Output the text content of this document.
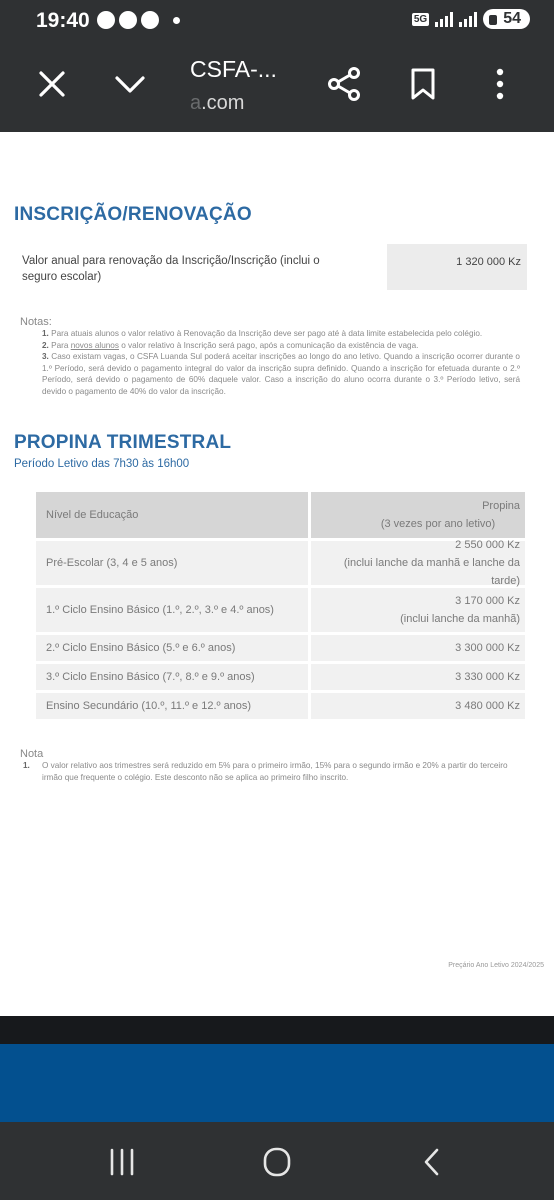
19:40	5G	54
CSFA-...
a.com
INSCRIÇÃO/RENOVAÇÃO

Valor anual para renovação da Inscrição/Inscrição (inclui o seguro escolar)

1 320 000 Kz
Notas:

1. Para atuais alunos o valor relativo à Renovação da Inscrição deve ser pago até à data limite estabelecida pelo colégio.

2. Para novos alunos o valor relativo à Inscrição será pago, após a comunicação da existência de vaga.

3. Caso existam vagas, o CSFA Luanda Sul poderá aceitar inscrições ao longo do ano letivo. Quando a inscrição ocorrer durante o 1.º Período, será devido o pagamento integral do valor da inscrição supra definido. Quando a inscrição for efetuada durante o 2.º Período, será devido o pagamento de 60% daquele valor. Caso a inscrição do aluno ocorra durante o 3.º Período letivo, será devido o pagamento de 40% do valor da inscrição.

PROPINA TRIMESTRAL

Período Letivo das 7h30 às 16h00

Nível de Educação
Propina
(3 vezes por ano letivo)
Pré-Escolar (3, 4 e 5 anos)
2 550 000 Kz
(inclui lanche da manhã e lanche da tarde)
1.º Ciclo Ensino Básico (1.º, 2.º, 3.º e 4.º anos)
3 170 000 Kz
(inclui lanche da manhã)
2.º Ciclo Ensino Básico (5.º e 6.º anos)	3 300 000 Kz
3.º Ciclo Ensino Básico (7.º, 8.º e 9.º anos)	3 330 000 Kz
Ensino Secundário (10.º, 11.º e 12.º anos)	3 480 000 Kz
Nota

1. O valor relativo aos trimestres será reduzido em 5% para o primeiro irmão, 15% para o segundo irmão e 20% a partir do terceiro irmão que frequente o colégio. Este desconto não se aplica ao primeiro filho inscrito.

Preçário Ano Letivo 2024/2025
